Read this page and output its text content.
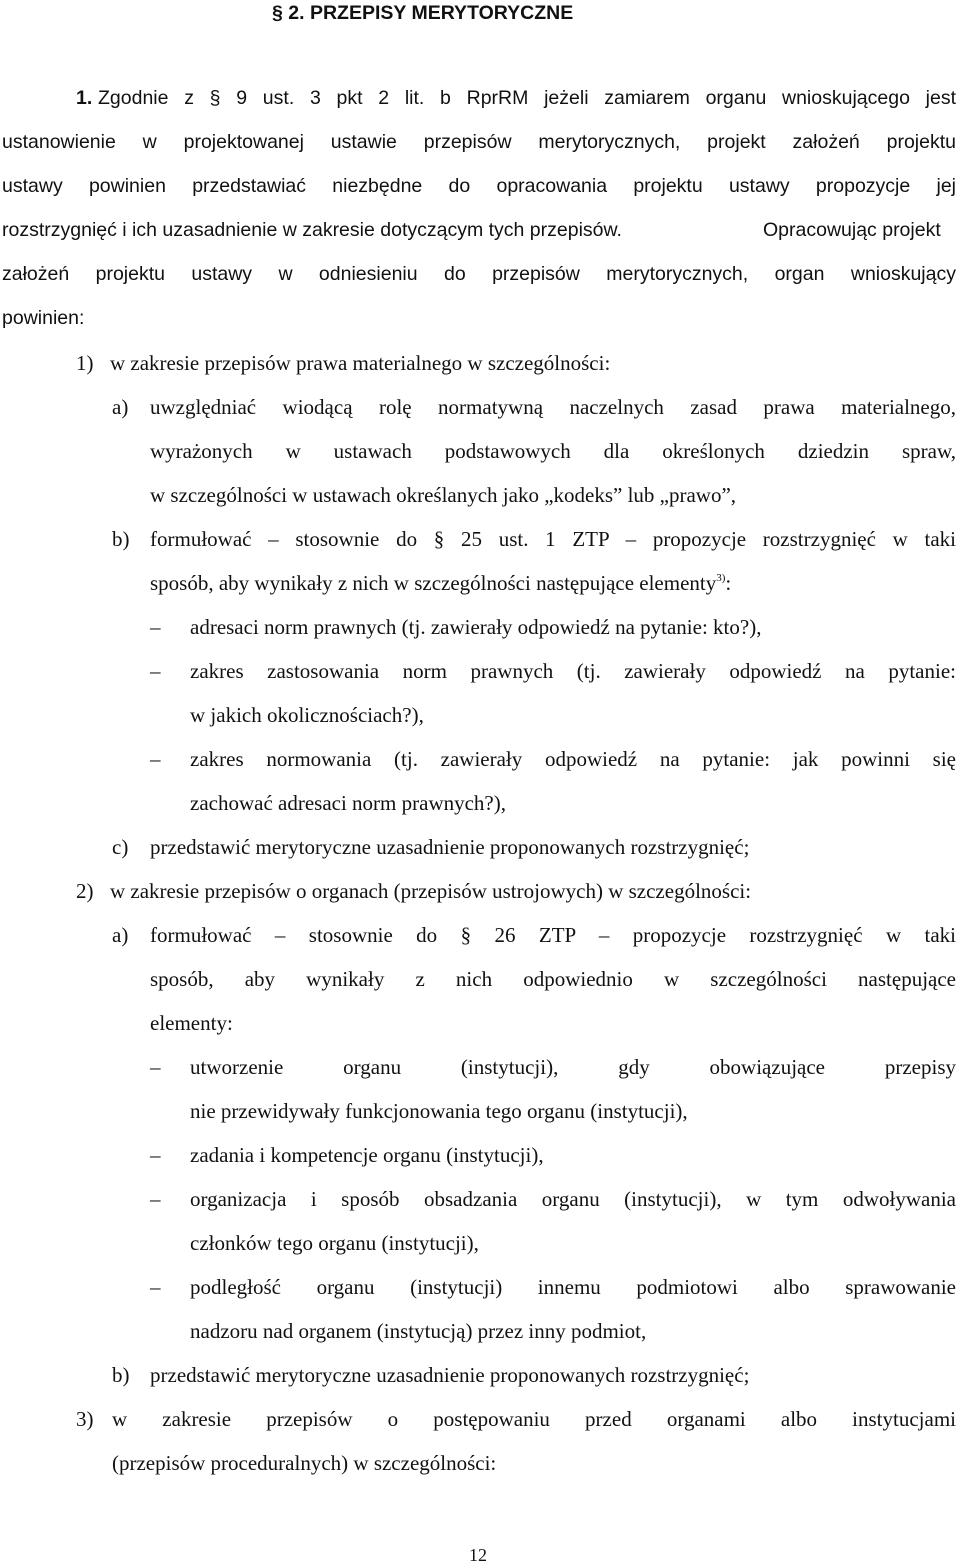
§ 2. PRZEPISY MERYTORYCZNE
1. Zgodnie z § 9 ust. 3 pkt 2 lit. b RprRM jeżeli zamiarem organu wnioskującego jest
ustanowienie w projektowanej ustawie przepisów merytorycznych, projekt założeń projektu
ustawy powinien przedstawiać niezbędne do opracowania projektu ustawy propozycje jej
rozstrzygnięć i ich uzasadnienie w zakresie dotyczącym tych przepisów.	Opracowując projekt
założeń projektu ustawy w odniesieniu do przepisów merytorycznych, organ wnioskujący
powinien:
1) w zakresie przepisów prawa materialnego w szczególności:
a) uwzględniać wiodącą rolę normatywną naczelnych zasad prawa materialnego,
wyrażonych w ustawach podstawowych dla określonych dziedzin spraw,
w szczególności w ustawach określanych jako „kodeks” lub „prawo”,
b) formułować – stosownie do § 25 ust. 1 ZTP – propozycje rozstrzygnięć w taki
sposób, aby wynikały z nich w szczególności następujące elementy$^{3)}$:
– adresaci norm prawnych (tj. zawierały odpowiedź na pytanie: kto?),
– zakres zastosowania norm prawnych (tj. zawierały odpowiedź na pytanie:
w jakich okolicznościach?),
– zakres normowania (tj. zawierały odpowiedź na pytanie: jak powinni się
zachować adresaci norm prawnych?),
c) przedstawić merytoryczne uzasadnienie proponowanych rozstrzygnięć;
2) w zakresie przepisów o organach (przepisów ustrojowych) w szczególności:
a) formułować – stosownie do § 26 ZTP – propozycje rozstrzygnięć w taki
sposób, aby wynikały z nich odpowiednio w szczególności następujące
elementy:
– utworzenie organu (instytucji), gdy obowiązujące przepisy
nie przewidywały funkcjonowania tego organu (instytucji),
– zadania i kompetencje organu (instytucji),
– organizacja i sposób obsadzania organu (instytucji), w tym odwoływania
członków tego organu (instytucji),
– podległość organu (instytucji) innemu podmiotowi albo sprawowanie
nadzoru nad organem (instytucją) przez inny podmiot,
b) przedstawić merytoryczne uzasadnienie proponowanych rozstrzygnięć;
3) w zakresie przepisów o postępowaniu przed organami albo instytucjami
(przepisów proceduralnych) w szczególności:
12
